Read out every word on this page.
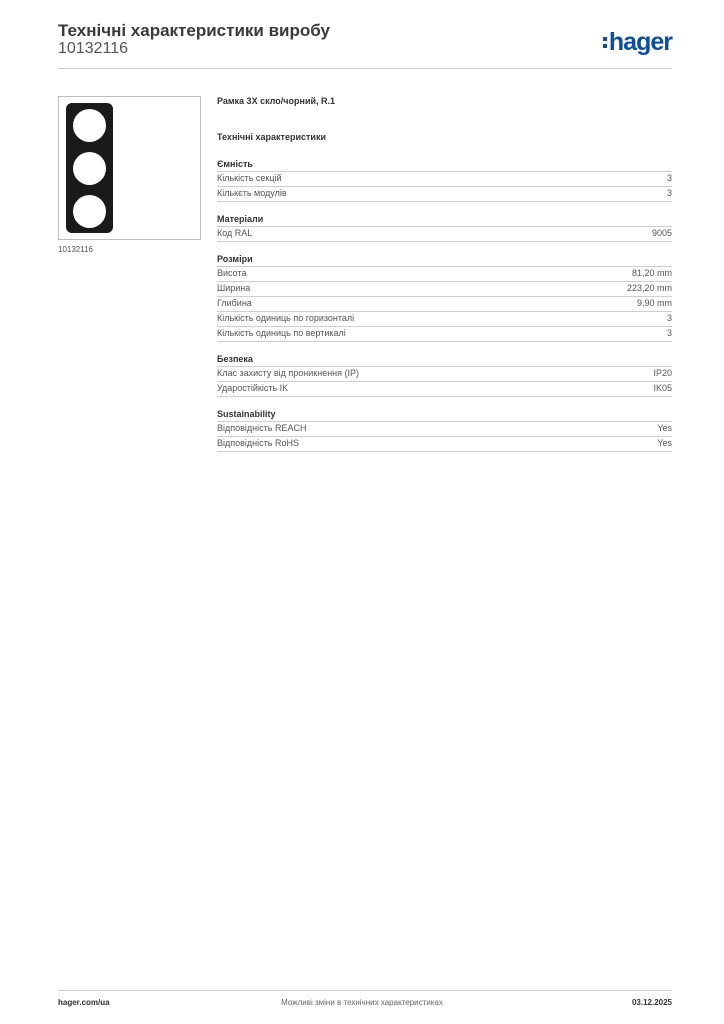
Технічні характеристики виробу
10132116	hager
10132116
Рамка 3X скло/чорний, R.1
Технічні характеристики
Ємність
Кількість секцій	3
Кількєть модулів	3
Матеріали
Код RAL	9005
Розміри
Висота	81,20 mm
Ширина	223,20 mm
Глибина	9,90 mm
Кількість одиниць по горизонталі	3
Кількість одиниць по вертикалі	3
Безпека
Клас захисту від проникнення (IP)	IP20
Ударостійкість IK	IK05
Sustainability
Відповідність REACH	Yes
Відповідність RoHS	Yes
hager.com/ua	Можливі зміни в технічних характеристиках	03.12.2025
